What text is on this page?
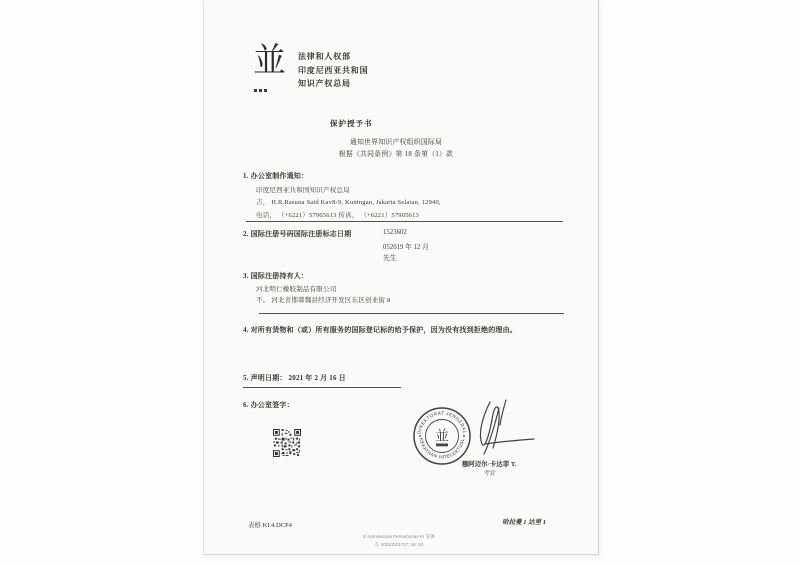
並 法律和人权部
印度尼西亚共和国
知识产权总局
保护授予书
通知世界知识产权组织国际局
根据《共同条例》第 18 条第（1）款
1. 办公室制作通知：
印度尼西亚共和国知识产权总局
吉， H.R.Rasuna Said Kav8-9, Kuningan, Jakarta Selatan, 12940,
电话， （+6221）57905613 传真， （+6221）57905613
2. 国际注册号码国际注册标志日期	1523602
052019 年 12 月
先生
3. 国际注册持有人：
河北明仁橡胶制品有限公司
不。 河北省邯郸魏县经济开发区东区创业街 8
4. 对所有货物和（或）所有服务的国际登记标的给予保护，因为没有找到拒绝的理由。
5. 声明日期： 2021 年 2 月 16 日
6. 办公室签字：
DIREKTORAT JENDERAL
KEKAYAAN INTELEKTUAL
並
穆阿迈尔·卡达菲 T.
考官
表格 KI.4.DCP4	哈拉曼 1 达里 1
E Administrasi Permohonan KI 签署
在 2021/02/1717: 16: 53
